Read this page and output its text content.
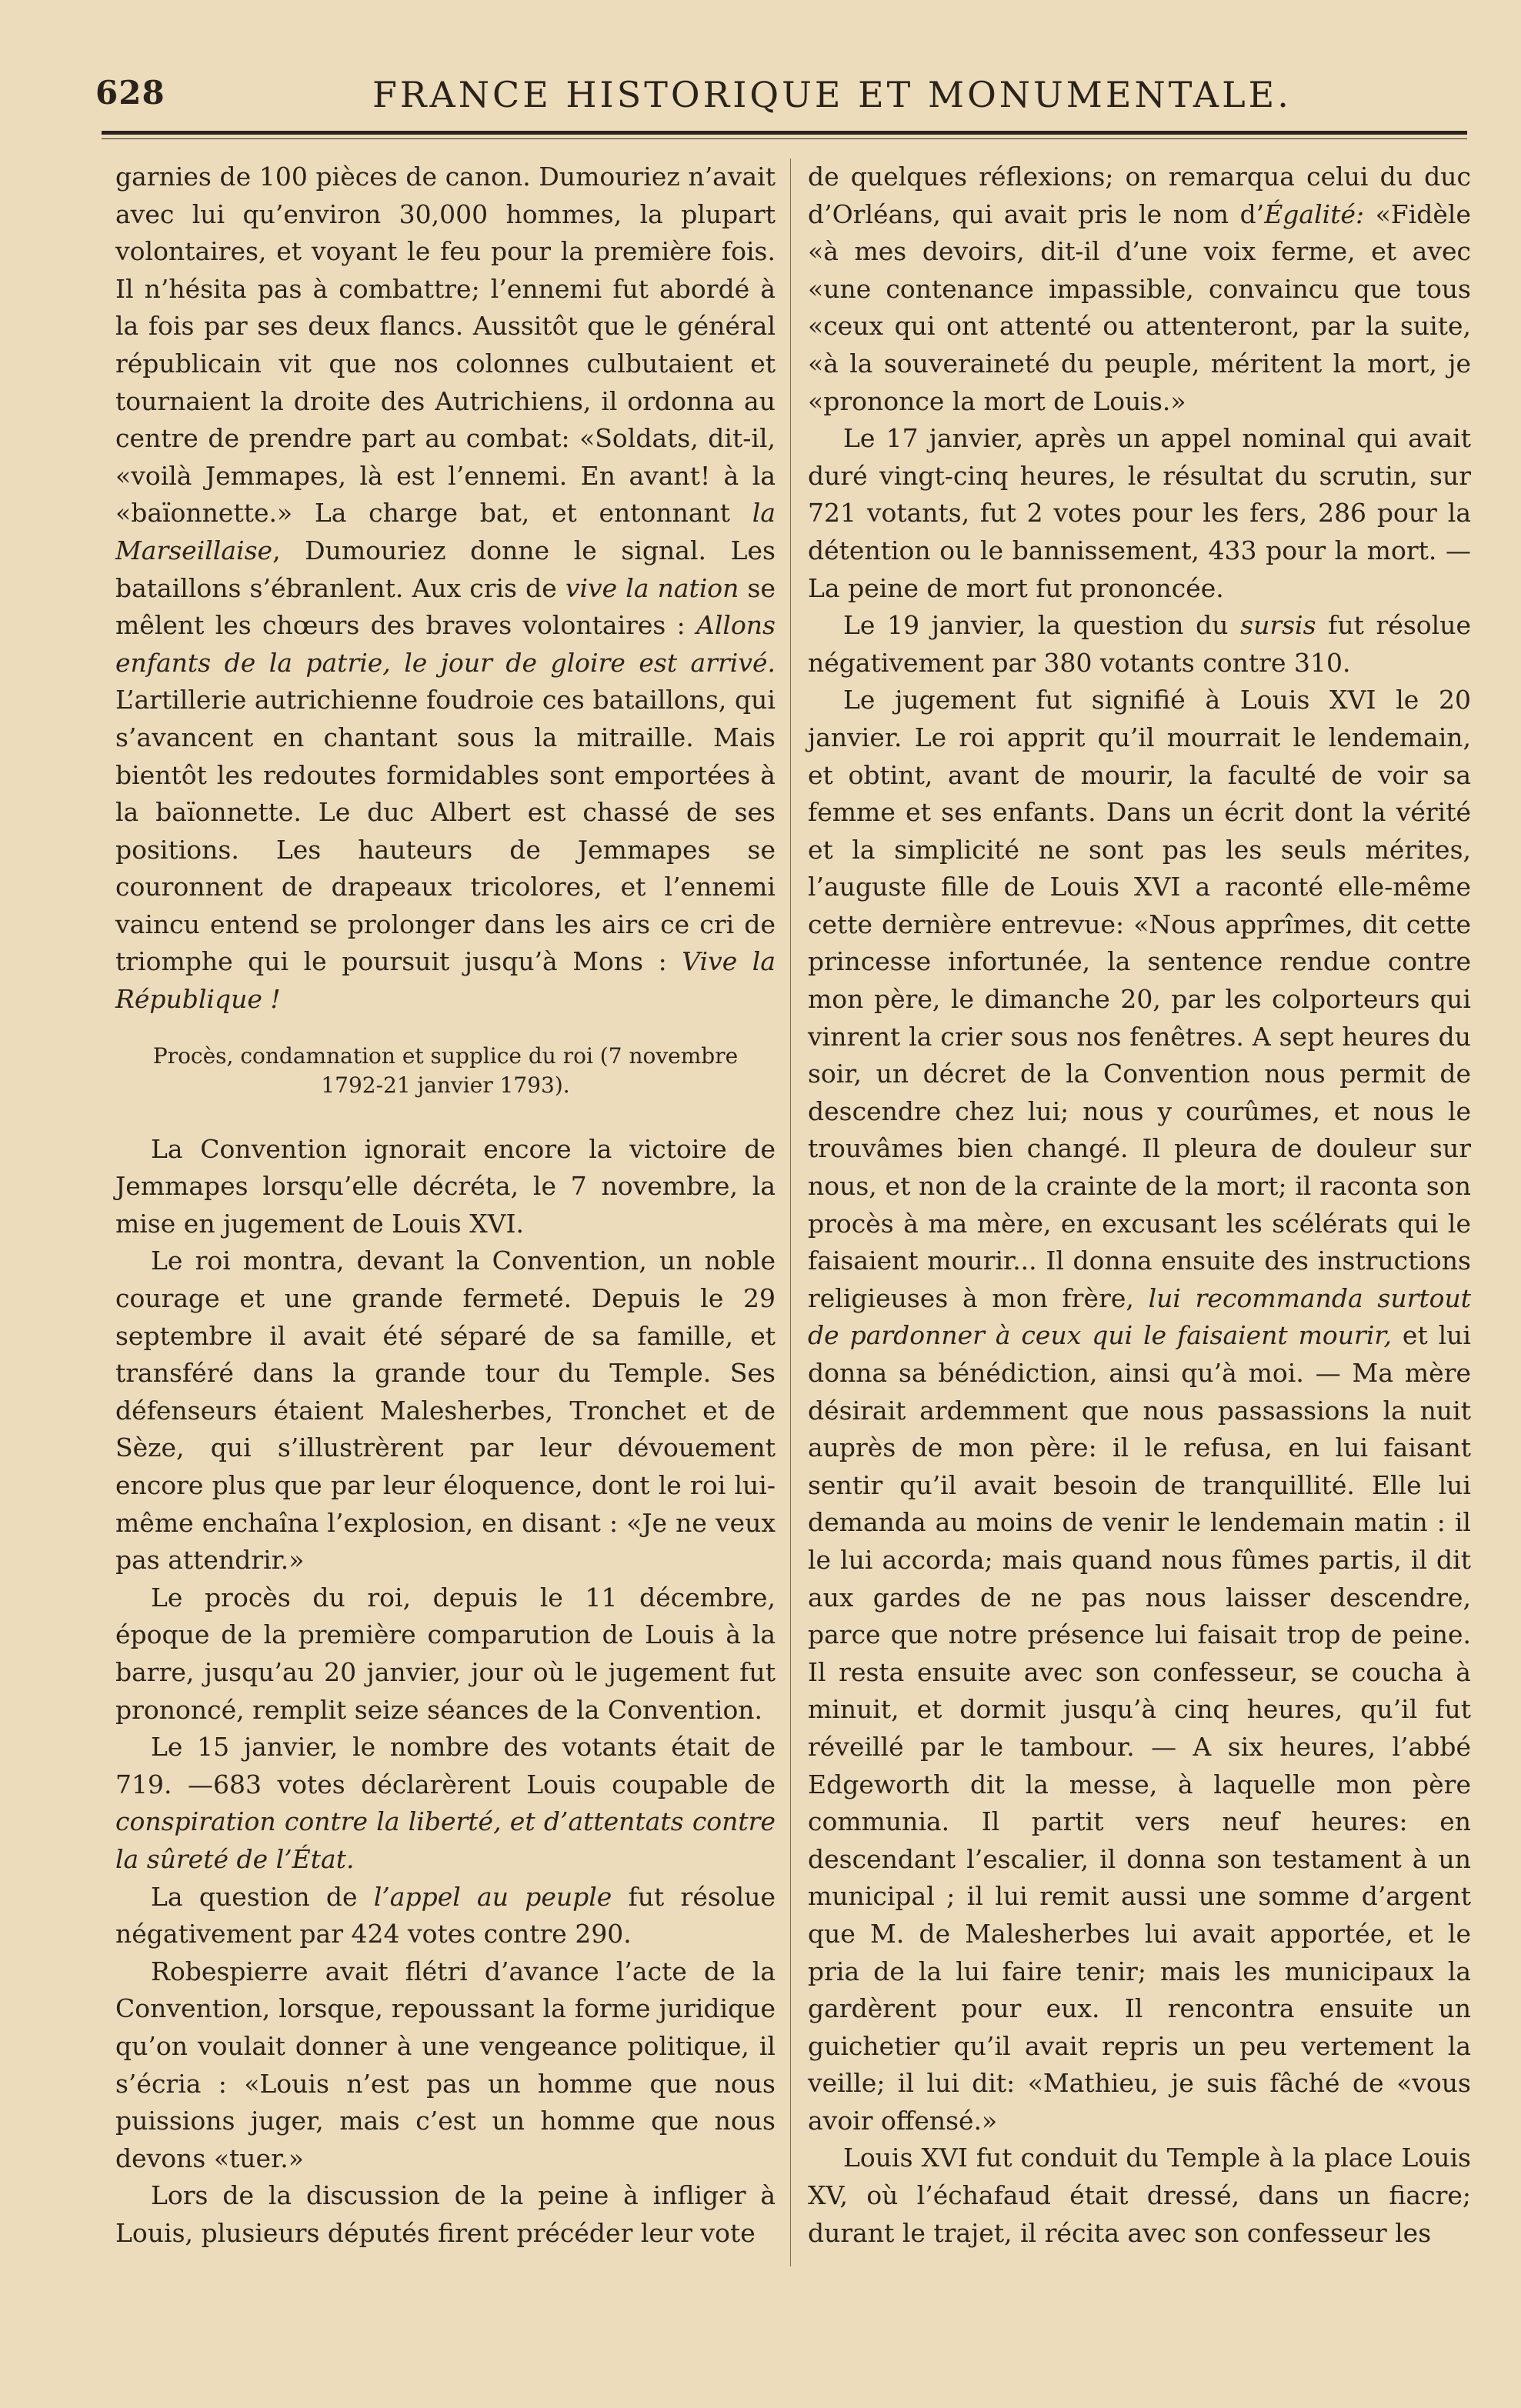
628	FRANCE HISTORIQUE ET MONUMENTALE.

garnies de 100 pièces de canon. Dumouriez n’avait avec lui qu’environ 30,000 hommes, la plupart volontaires, et voyant le feu pour la première fois. Il n’hésita pas à combattre; l’ennemi fut abordé à la fois par ses deux flancs. Aussitôt que le général républicain vit que nos colonnes culbutaient et tournaient la droite des Autrichiens, il ordonna au centre de prendre part au combat: «Soldats, dit-il, «voilà Jemmapes, là est l’ennemi. En avant! à la «baïonnette.» La charge bat, et entonnant la Marseillaise, Dumouriez donne le signal. Les bataillons s’ébranlent. Aux cris de vive la nation se mêlent les chœurs des braves volontaires : Allons enfants de la patrie, le jour de gloire est arrivé. L’artillerie autrichienne foudroie ces bataillons, qui s’avancent en chantant sous la mitraille. Mais bientôt les redoutes formidables sont emportées à la baïonnette. Le duc Albert est chassé de ses positions. Les hauteurs de Jemmapes se couronnent de drapeaux tricolores, et l’ennemi vaincu entend se prolonger dans les airs ce cri de triomphe qui le poursuit jusqu’à Mons : Vive la République !

Procès, condamnation et supplice du roi (7 novembre 1792-21 janvier 1793).

La Convention ignorait encore la victoire de Jemmapes lorsqu’elle décréta, le 7 novembre, la mise en jugement de Louis XVI.

Le roi montra, devant la Convention, un noble courage et une grande fermeté. Depuis le 29 septembre il avait été séparé de sa famille, et transféré dans la grande tour du Temple. Ses défenseurs étaient Malesherbes, Tronchet et de Sèze, qui s’illustrèrent par leur dévouement encore plus que par leur éloquence, dont le roi lui-même enchaîna l’explosion, en disant : «Je ne veux pas attendrir.»

Le procès du roi, depuis le 11 décembre, époque de la première comparution de Louis à la barre, jusqu’au 20 janvier, jour où le jugement fut prononcé, remplit seize séances de la Convention.

Le 15 janvier, le nombre des votants était de 719. —683 votes déclarèrent Louis coupable de conspiration contre la liberté, et d’attentats contre la sûreté de l’État.

La question de l’appel au peuple fut résolue négativement par 424 votes contre 290.

Robespierre avait flétri d’avance l’acte de la Convention, lorsque, repoussant la forme juridique qu’on voulait donner à une vengeance politique, il s’écria : «Louis n’est pas un homme que nous puissions juger, mais c’est un homme que nous devons «tuer.»

Lors de la discussion de la peine à infliger à Louis, plusieurs députés firent précéder leur vote

de quelques réflexions; on remarqua celui du duc d’Orléans, qui avait pris le nom d’Égalité: «Fidèle «à mes devoirs, dit-il d’une voix ferme, et avec «une contenance impassible, convaincu que tous «ceux qui ont attenté ou attenteront, par la suite, «à la souveraineté du peuple, méritent la mort, je «prononce la mort de Louis.»

Le 17 janvier, après un appel nominal qui avait duré vingt-cinq heures, le résultat du scrutin, sur 721 votants, fut 2 votes pour les fers, 286 pour la détention ou le bannissement, 433 pour la mort. — La peine de mort fut prononcée.

Le 19 janvier, la question du sursis fut résolue négativement par 380 votants contre 310.

Le jugement fut signifié à Louis XVI le 20 janvier. Le roi apprit qu’il mourrait le lendemain, et obtint, avant de mourir, la faculté de voir sa femme et ses enfants. Dans un écrit dont la vérité et la simplicité ne sont pas les seuls mérites, l’auguste fille de Louis XVI a raconté elle-même cette dernière entrevue: «Nous apprîmes, dit cette princesse infortunée, la sentence rendue contre mon père, le dimanche 20, par les colporteurs qui vinrent la crier sous nos fenêtres. A sept heures du soir, un décret de la Convention nous permit de descendre chez lui; nous y courûmes, et nous le trouvâmes bien changé. Il pleura de douleur sur nous, et non de la crainte de la mort; il raconta son procès à ma mère, en excusant les scélérats qui le faisaient mourir... Il donna ensuite des instructions religieuses à mon frère, lui recommanda surtout de pardonner à ceux qui le faisaient mourir, et lui donna sa bénédiction, ainsi qu’à moi. — Ma mère désirait ardemment que nous passassions la nuit auprès de mon père: il le refusa, en lui faisant sentir qu’il avait besoin de tranquillité. Elle lui demanda au moins de venir le lendemain matin : il le lui accorda; mais quand nous fûmes partis, il dit aux gardes de ne pas nous laisser descendre, parce que notre présence lui faisait trop de peine. Il resta ensuite avec son confesseur, se coucha à minuit, et dormit jusqu’à cinq heures, qu’il fut réveillé par le tambour. — A six heures, l’abbé Edgeworth dit la messe, à laquelle mon père communia. Il partit vers neuf heures: en descendant l’escalier, il donna son testament à un municipal ; il lui remit aussi une somme d’argent que M. de Malesherbes lui avait apportée, et le pria de la lui faire tenir; mais les municipaux la gardèrent pour eux. Il rencontra ensuite un guichetier qu’il avait repris un peu vertement la veille; il lui dit: «Mathieu, je suis fâché de «vous avoir offensé.»

Louis XVI fut conduit du Temple à la place Louis XV, où l’échafaud était dressé, dans un fiacre; durant le trajet, il récita avec son confesseur les
